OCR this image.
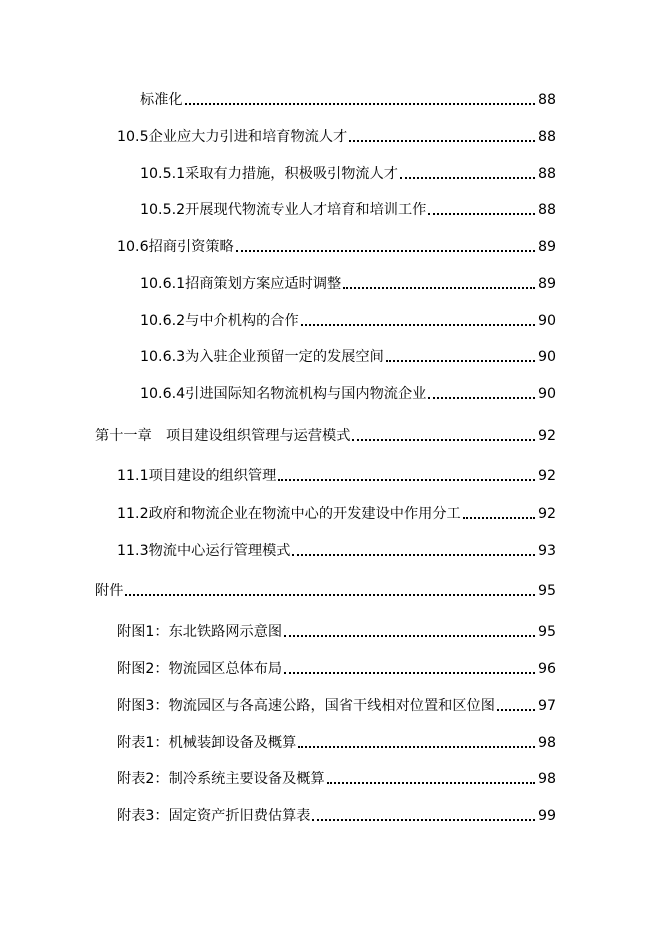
标准化	88
10.5企业应大力引进和培育物流人才	88
10.5.1采取有力措施，积极吸引物流人才	88
10.5.2开展现代物流专业人才培育和培训工作	88
10.6招商引资策略	89
10.6.1招商策划方案应适时调整	89
10.6.2与中介机构的合作	90
10.6.3为入驻企业预留一定的发展空间	90
10.6.4引进国际知名物流机构与国内物流企业	90
第十一章　项目建设组织管理与运营模式	92
11.1项目建设的组织管理	92
11.2政府和物流企业在物流中心的开发建设中作用分工	92
11.3物流中心运行管理模式	93
附件	95
附图1：东北铁路网示意图	95
附图2：物流园区总体布局	96
附图3：物流园区与各高速公路，国省干线相对位置和区位图	97
附表1：机械装卸设备及概算	98
附表2：制冷系统主要设备及概算	98
附表3：固定资产折旧费估算表	99
